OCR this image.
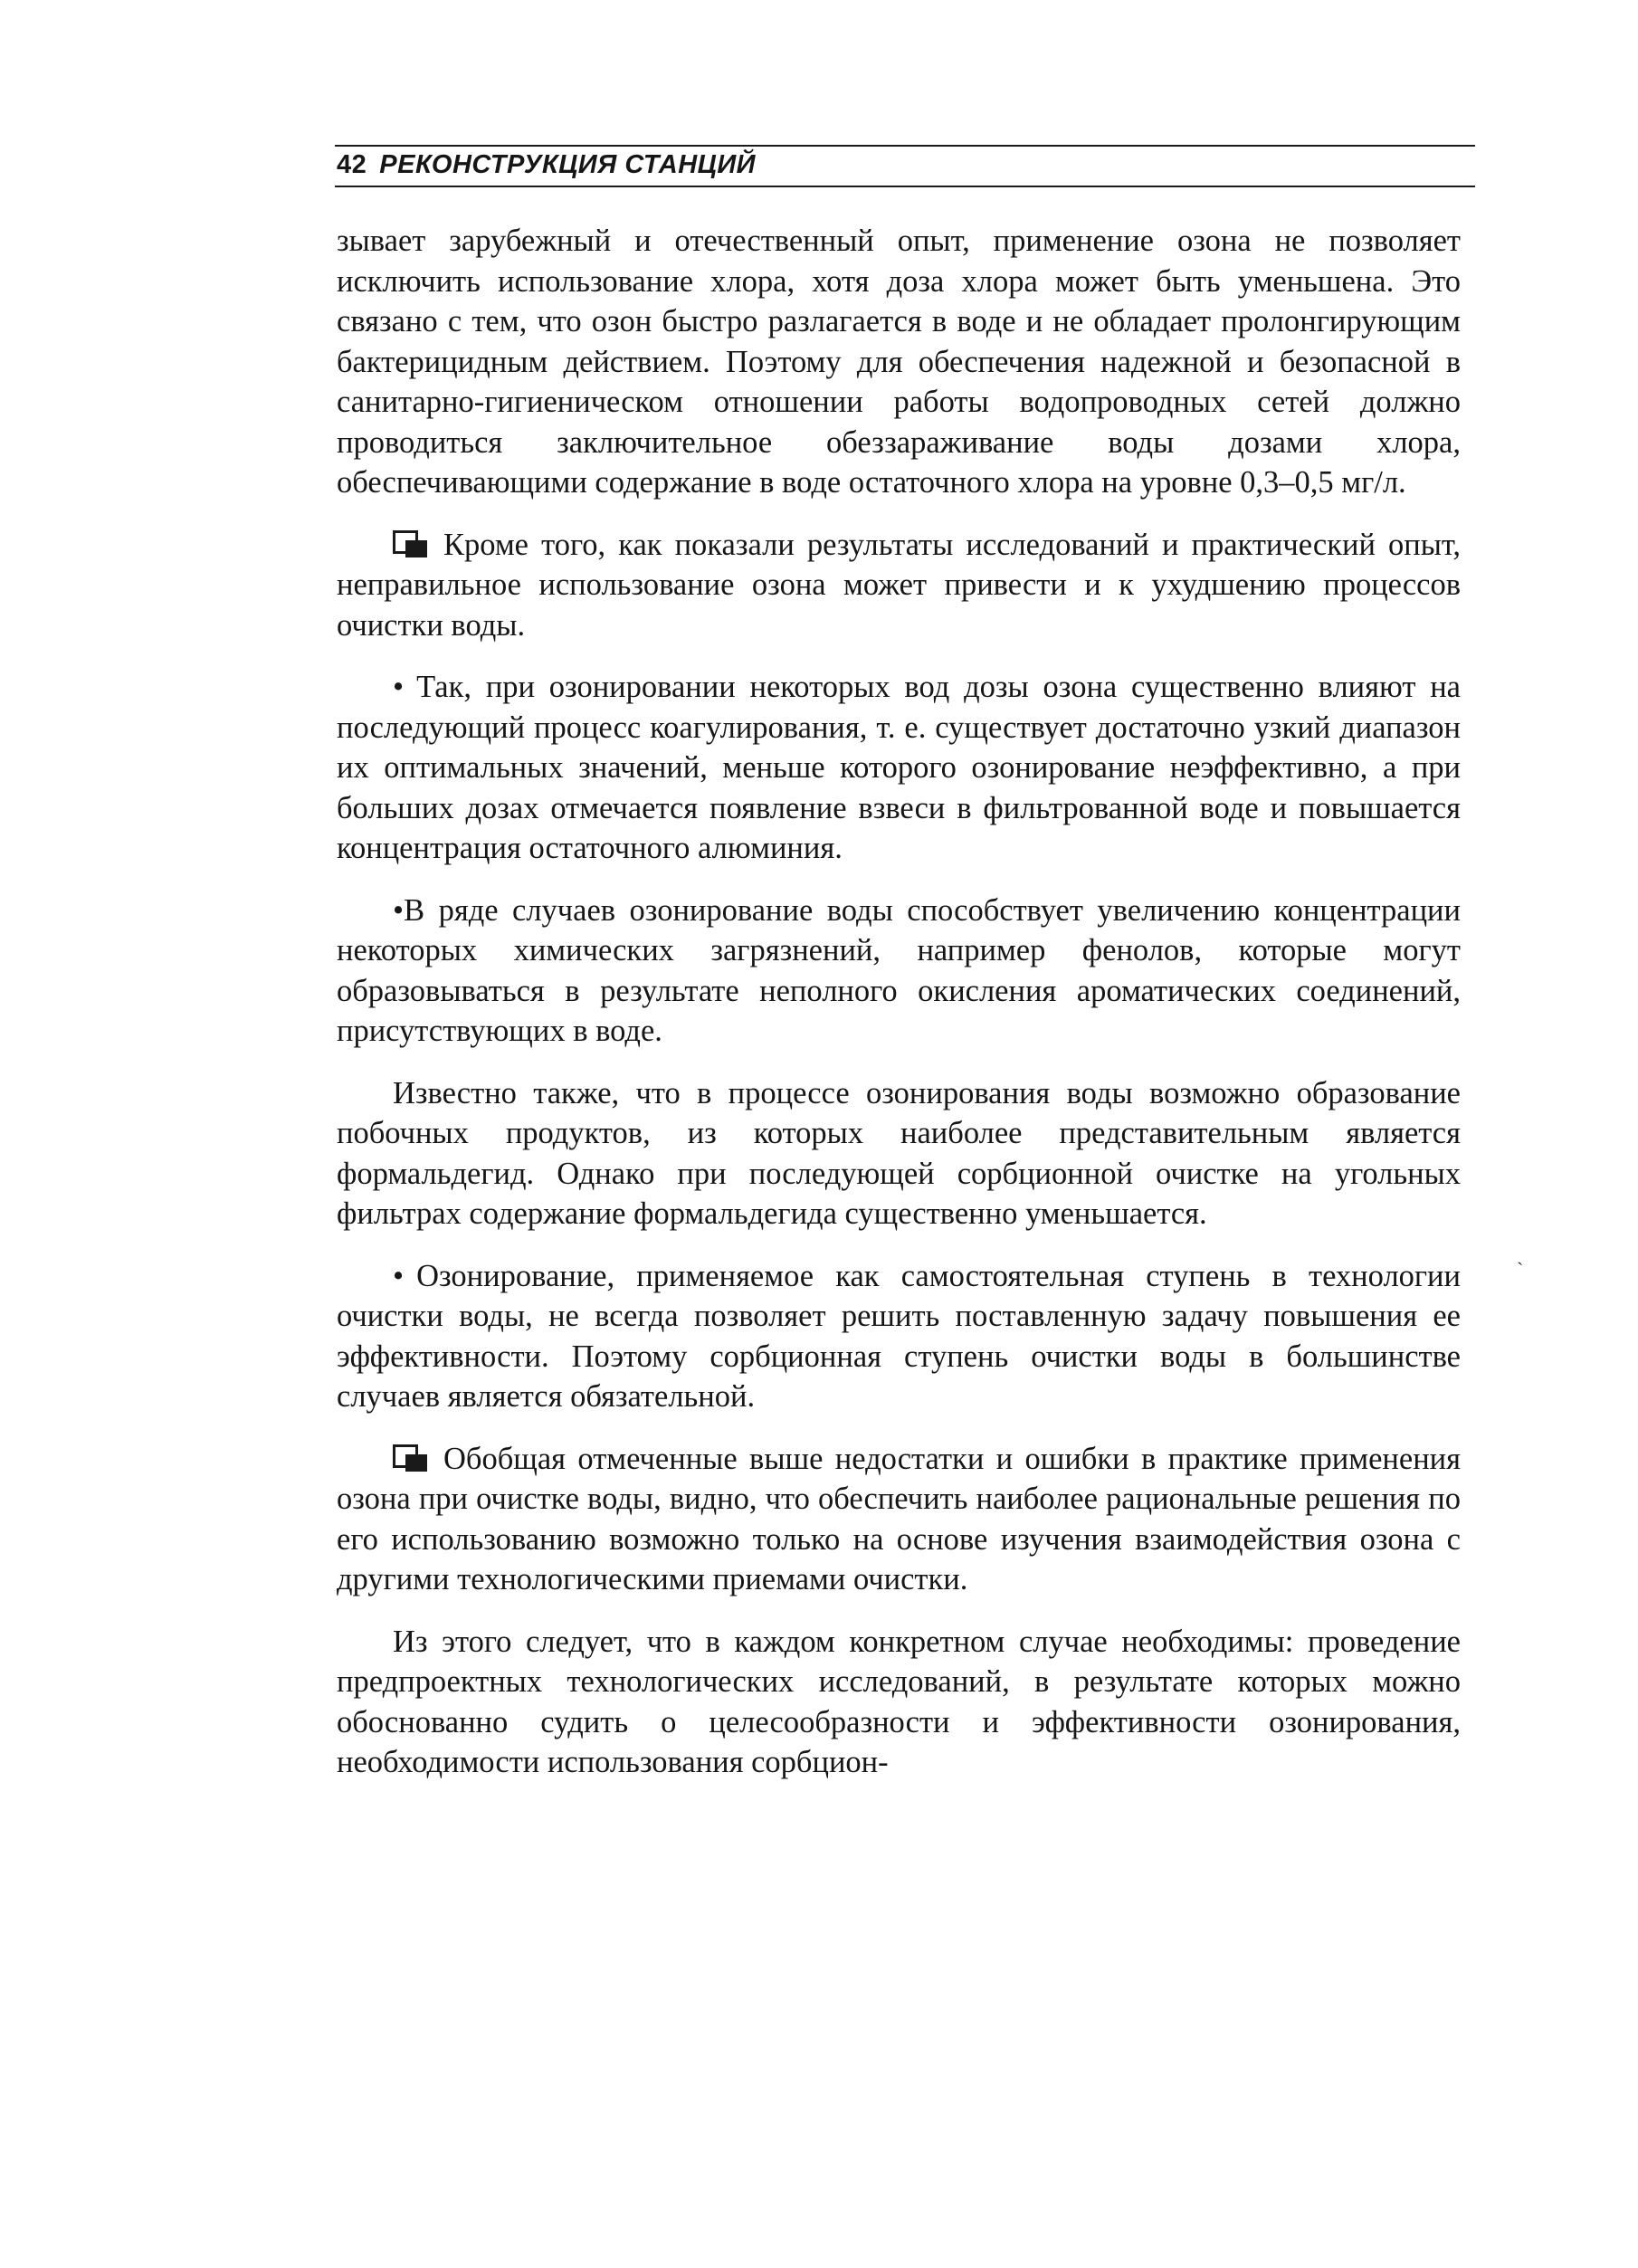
42 РЕКОНСТРУКЦИЯ СТАНЦИЙ

зывает зарубежный и отечественный опыт, применение озона не позволяет исключить использование хлора, хотя доза хлора может быть уменьшена. Это связано с тем, что озон быстро разлагается в воде и не обладает пролонгирующим бактерицидным действием. Поэтому для обеспечения надежной и безопасной в санитарно-гигиеническом отношении работы водопроводных сетей должно проводиться заключительное обеззараживание воды дозами хлора, обеспечивающими содержание в воде остаточного хлора на уровне 0,3–0,5 мг/л.

Кроме того, как показали результаты исследований и практический опыт, неправильное использование озона может привести и к ухудшению процессов очистки воды.

• Так, при озонировании некоторых вод дозы озона существенно влияют на последующий процесс коагулирования, т. е. существует достаточно узкий диапазон их оптимальных значений, меньше которого озонирование неэффективно, а при больших дозах отмечается появление взвеси в фильтрованной воде и повышается концентрация остаточного алюминия.

•В ряде случаев озонирование воды способствует увеличению концентрации некоторых химических загрязнений, например фенолов, которые могут образовываться в результате неполного окисления ароматических соединений, присутствующих в воде.

Известно также, что в процессе озонирования воды возможно образование побочных продуктов, из которых наиболее представительным является формальдегид. Однако при последующей сорбционной очистке на угольных фильтрах содержание формальдегида существенно уменьшается.

• Озонирование, применяемое как самостоятельная ступень в технологии очистки воды, не всегда позволяет решить поставленную задачу повышения ее эффективности. Поэтому сорбционная ступень очистки воды в большинстве случаев является обязательной.

Обобщая отмеченные выше недостатки и ошибки в практике применения озона при очистке воды, видно, что обеспечить наиболее рациональные решения по его использованию возможно только на основе изучения взаимодействия озона с другими технологическими приемами очистки.

Из этого следует, что в каждом конкретном случае необходимы: проведение предпроектных технологических исследований, в результате которых можно обоснованно судить о целесообразности и эффективности озонирования, необходимости использования сорбцион-

ˏ
